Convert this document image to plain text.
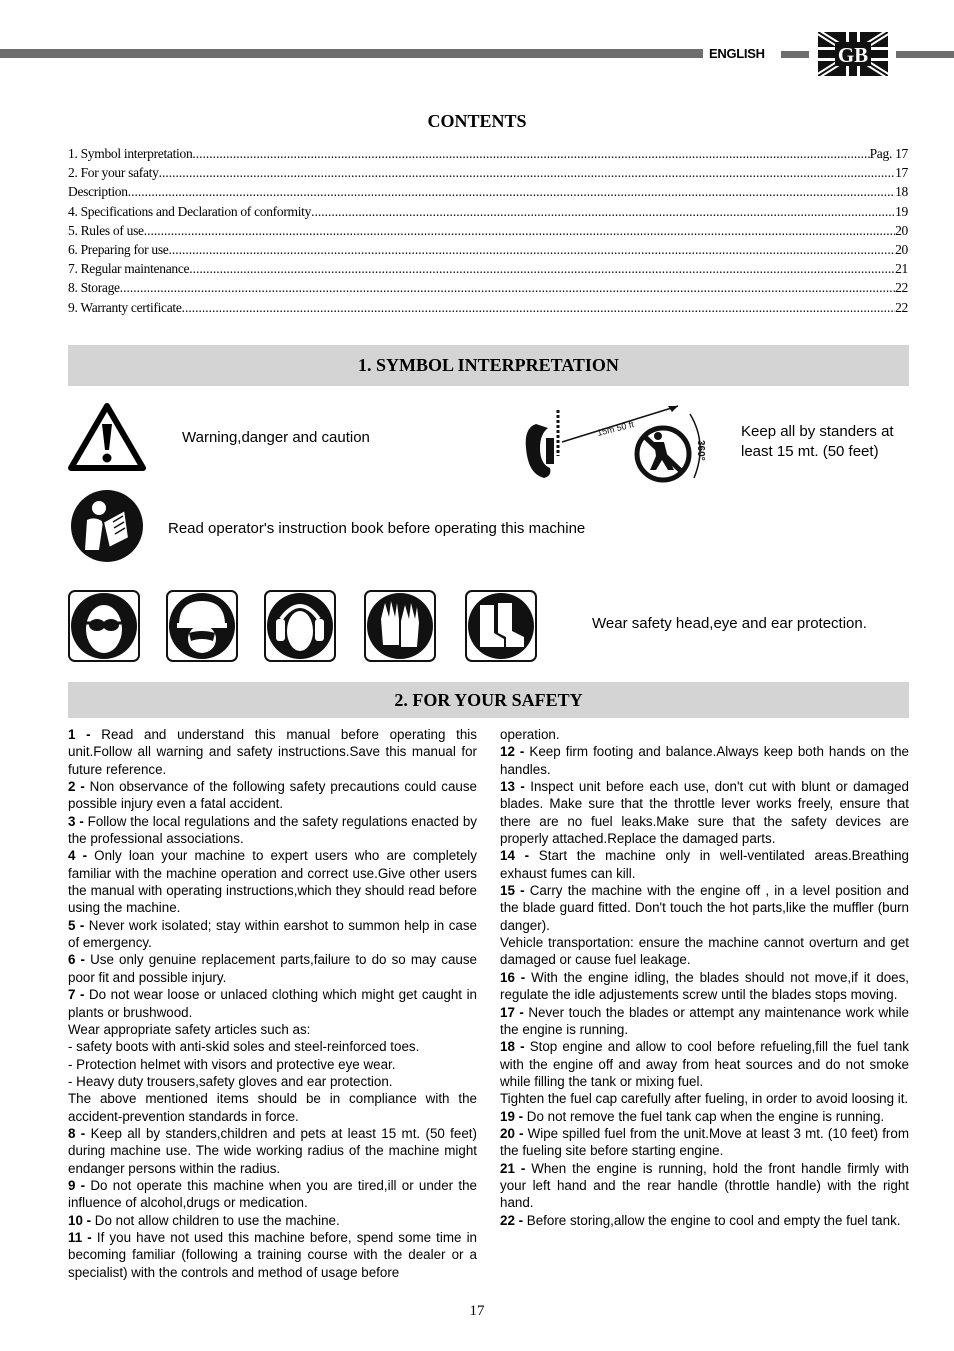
ENGLISH	GB
CONTENTS
1. Symbol interpretation .....	Pag. 17
2. For your safaty .....	17
Description .....	18
4. Specifications and Declaration of conformity .....	19
5. Rules of use .....	20
6. Preparing for use .....	20
7. Regular maintenance .....	21
8. Storage .....	22
9. Warranty certificate .....	22
1. SYMBOL INTERPRETATION
Warning,danger and caution	15m 50 ft
360°
Keep all by standers at
least 15 mt. (50 feet)
Read operator's instruction book before operating this machine
Wear safety head,eye and ear protection.
2. FOR YOUR SAFETY

1 - Read and understand this manual before operating this unit.Follow all warning and safety instructions.Save this manual for future reference.

2 - Non observance of the following safety precautions could cause possible injury even a fatal accident.

3 - Follow the local regulations and the safety regulations enacted by the professional associations.

4 - Only loan your machine to expert users who are completely familiar with the machine operation and correct use.Give other users the manual with operating instructions,which they should read before using the machine.

5 - Never work isolated; stay within earshot to summon help in case of emergency.

6 - Use only genuine replacement parts,failure to do so may cause poor fit and possible injury.

7 - Do not wear loose or unlaced clothing which might get caught in plants or brushwood.

Wear appropriate safety articles such as:

- safety boots with anti-skid soles and steel-reinforced toes.

- Protection helmet with visors and protective eye wear.

- Heavy duty trousers,safety gloves and ear protection.

The above mentioned items should be in compliance with the accident-prevention standards in force.

8 - Keep all by standers,children and pets at least 15 mt. (50 feet) during machine use. The wide working radius of the machine might endanger persons within the radius.

9 - Do not operate this machine when you are tired,ill or under the influence of alcohol,drugs or medication.

10 - Do not allow children to use the machine.

11 - If you have not used this machine before, spend some time in becoming familiar (following a training course with the dealer or a specialist) with the controls and method of usage before

operation.

12 - Keep firm footing and balance.Always keep both hands on the handles.

13 - Inspect unit before each use, don't cut with blunt or damaged blades. Make sure that the throttle lever works freely, ensure that there are no fuel leaks.Make sure that the safety devices are properly attached.Replace the damaged parts.

14 - Start the machine only in well-ventilated areas.Breathing exhaust fumes can kill.

15 - Carry the machine with the engine off , in a level position and the blade guard fitted. Don't touch the hot parts,like the muffler (burn danger).

Vehicle transportation: ensure the machine cannot overturn and get damaged or cause fuel leakage.

16 - With the engine idling, the blades should not move,if it does, regulate the idle adjustements screw until the blades stops moving.

17 - Never touch the blades or attempt any maintenance work while the engine is running.

18 - Stop engine and allow to cool before refueling,fill the fuel tank with the engine off and away from heat sources and do not smoke while filling the tank or mixing fuel.

Tighten the fuel cap carefully after fueling, in order to avoid loosing it.

19 - Do not remove the fuel tank cap when the engine is running.

20 - Wipe spilled fuel from the unit.Move at least 3 mt. (10 feet) from the fueling site before starting engine.

21 - When the engine is running, hold the front handle firmly with your left hand and the rear handle (throttle handle) with the right hand.

22 - Before storing,allow the engine to cool and empty the fuel tank.

17
